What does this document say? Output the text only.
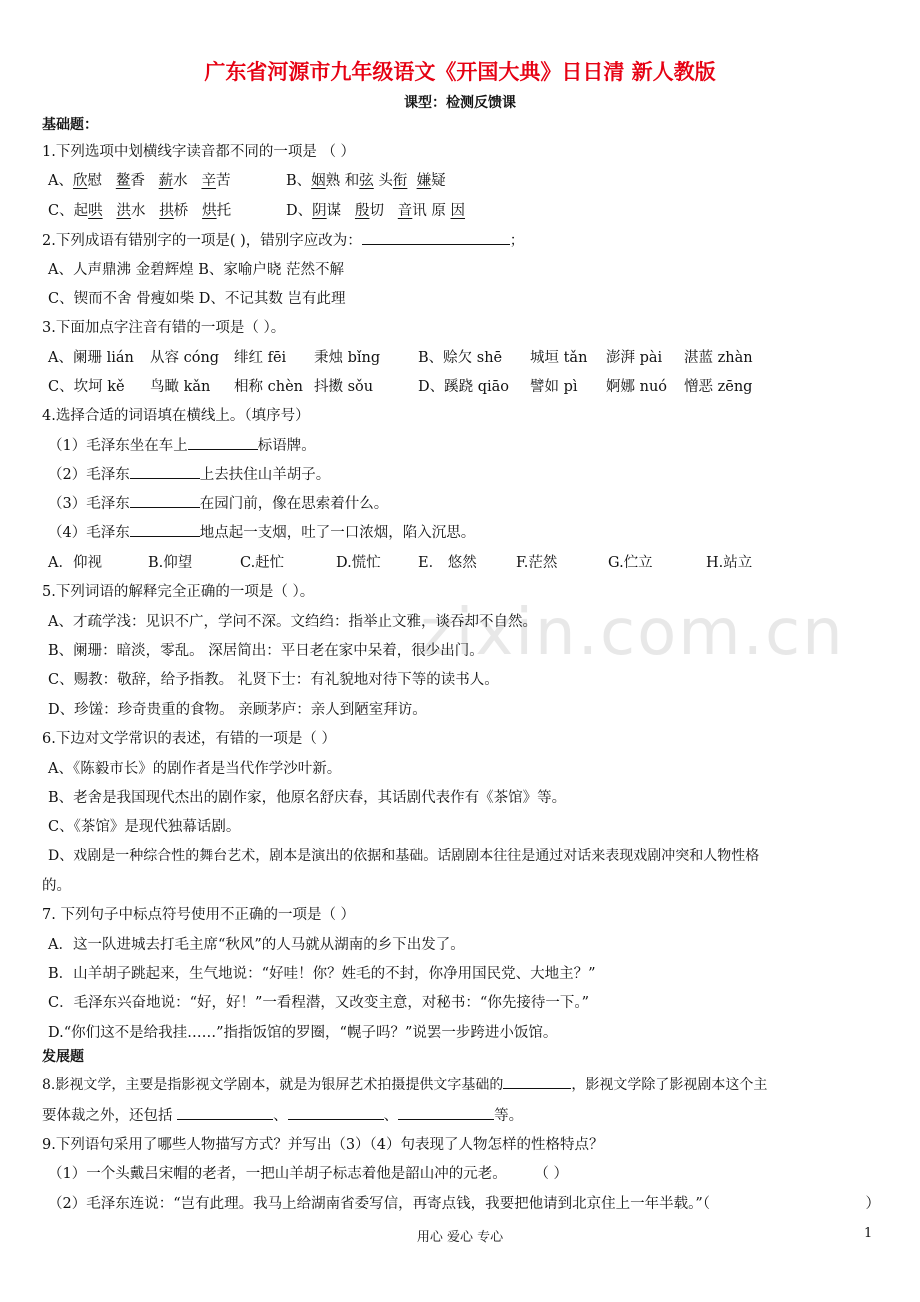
zixin.com.cn
广东省河源市九年级语文《开国大典》日日清 新人教版
课型：检测反馈课
基础题：
1.下列选项中划横线字读音都不同的一项是 （ ）
A、欣慰   鳌香   薪水   辛苦	B、姻熟 和弦 头衔 嫌疑
C、起哄 洪水   拱桥   烘托	D、阴谋   殷切   音讯 原 因
2.下列成语有错别字的一项是( )，错别字应改为：	；
A、人声鼎沸 金碧辉煌 B、家喻户晓 茫然不解
C、锲而不舍 骨瘦如柴 D、不记其数 岂有此理
3.下面加点字注音有错的一项是（ ）。
A、阑珊 lián 从容 cóng 绯红 fēi 秉烛 bǐng	B、赊欠 shē 城垣 tǎn 澎湃 pài 湛蓝 zhàn
C、坎坷 kě 鸟瞰 kǎn 相称 chèn 抖擞 sǒu	D、蹊跷 qiāo 譬如 pì 婀娜 nuó 憎恶 zēng
4.选择合适的词语填在横线上。（填序号）
（1）毛泽东坐在车上	标语牌。
（2）毛泽东	上去扶住山羊胡子。
（3）毛泽东	在园门前，像在思索着什么。
（4）毛泽东	地点起一支烟，吐了一口浓烟，陷入沉思。
A．仰视	B.仰望	C.赶忙	D.慌忙	E． 悠然	F.茫然	G.伫立	H.站立
5.下列词语的解释完全正确的一项是（ ）。
A、才疏学浅：见识不广，学问不深。文绉绉：指举止文雅，谈吞却不自然。
B、阑珊：暗淡，零乱。 深居简出：平日老在家中呆着，很少出门。
C、赐教：敬辞，给予指教。 礼贤下士：有礼貌地对待下等的读书人。
D、珍馐：珍奇贵重的食物。 亲顾茅庐：亲人到陋室拜访。
6.下边对文学常识的表述，有错的一项是（ ）
A、《陈毅市长》的剧作者是当代作学沙叶新。
B、老舍是我国现代杰出的剧作家，他原名舒庆春，其话剧代表作有《茶馆》等。
C、《茶馆》是现代独幕话剧。
D、戏剧是一种综合性的舞台艺术，剧本是演出的依据和基础。话剧剧本往往是通过对话来表现戏剧冲突和人物性格
的。
7. 下列句子中标点符号使用不正确的一项是（ ）
A．这一队进城去打毛主席“秋风”的人马就从湖南的乡下出发了。
B．山羊胡子跳起来，生气地说：“好哇！你？姓毛的不封，你净用国民党、大地主？”
C．毛泽东兴奋地说：“好，好！”一看程潜，又改变主意，对秘书：“你先接待一下。”
D.“你们这不是给我挂……”指指饭馆的罗圈，“幌子吗？”说罢一步跨进小饭馆。
发展题
8.影视文学，主要是指影视文学剧本，就是为银屏艺术拍摄提供文字基础的	，影视文学除了影视剧本这个主
要体裁之外，还包括	、	、	等。
9.下列语句采用了哪些人物描写方式？并写出（3）（4）句表现了人物怎样的性格特点？
（1）一个头戴吕宋帽的老者，一把山羊胡子标志着他是韶山冲的元老。 （ ）
（2）毛泽东连说：“岂有此理。我马上给湖南省委写信，再寄点钱，我要把他请到北京住上一年半载。”（	）
用心 爱心 专心	1
